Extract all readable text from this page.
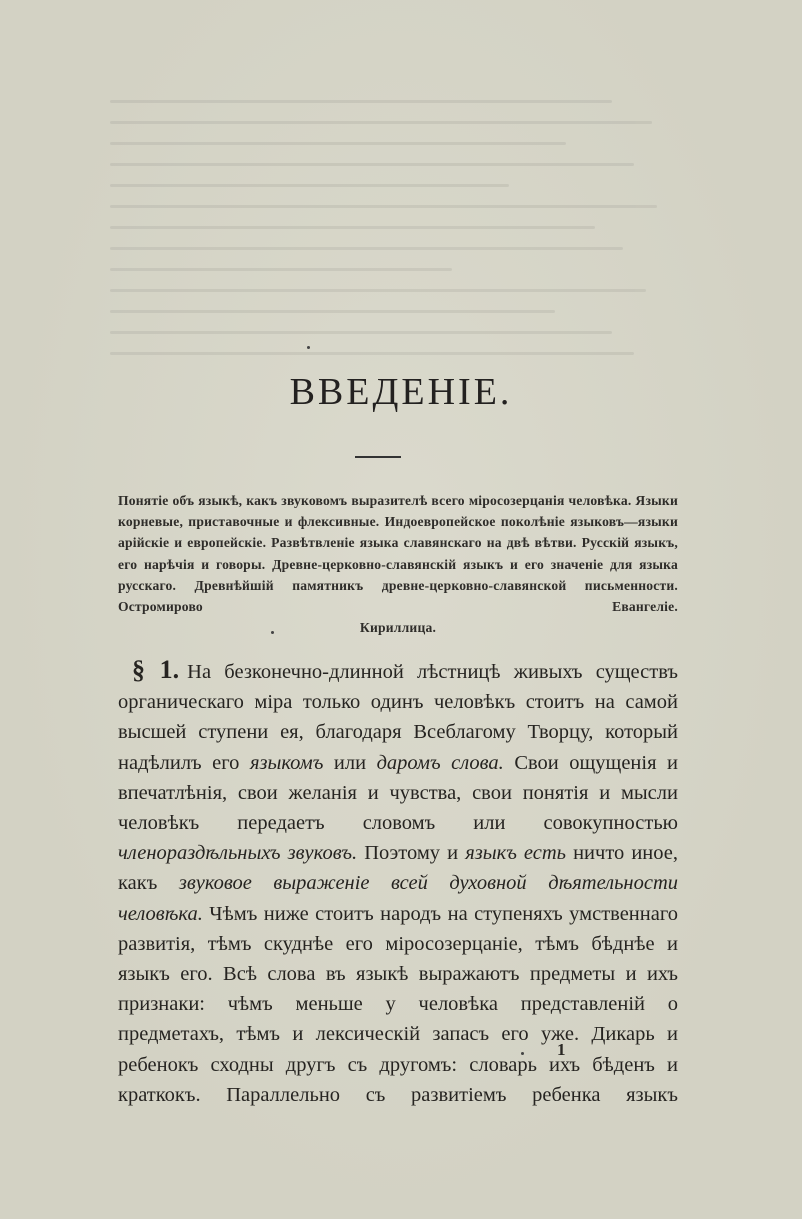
ВВЕДЕНІЕ.

Понятіе объ языкѣ, какъ звуковомъ выразителѣ всего міросозерцанія человѣка. Языки корневые, приставочные и флексивные. Индоевропейское поколѣніе языковъ—языки арійскіе и европейскіе. Развѣтвленіе языка славянскаго на двѣ вѣтви. Русскій языкъ, его нарѣчія и говоры. Древне-церковно-славянскій языкъ и его значеніе для языка русскаго. Древнѣйшій памятникъ древне-церковно-славянской письменности. Остромирово Евангеліе.
Кириллица.

§ 1. На безконечно-длинной лѣстницѣ живыхъ существъ органическаго міра только одинъ человѣкъ стоитъ на самой высшей ступени ея, благодаря Всеблагому Творцу, который надѣлилъ его языкомъ или даромъ слова. Свои ощущенія и впечатлѣнія, свои желанія и чувства, свои понятія и мысли человѣкъ передаетъ словомъ или совокупностью членораздѣльныхъ звуковъ. Поэтому и языкъ есть ничто иное, какъ звуковое выраженіе всей духовной дѣятельности человѣка. Чѣмъ ниже стоитъ народъ на ступеняхъ умственнаго развитія, тѣмъ скуднѣе его міросозерцаніе, тѣмъ бѣднѣе и языкъ его. Всѣ слова въ языкѣ выражаютъ предметы и ихъ признаки: чѣмъ меньше у человѣка представленій о предметахъ, тѣмъ и лексическій запасъ его уже. Дикарь и ребенокъ сходны другъ съ другомъ: словарь ихъ бѣденъ и краткокъ. Параллельно съ развитіемъ ребенка языкъ

1
